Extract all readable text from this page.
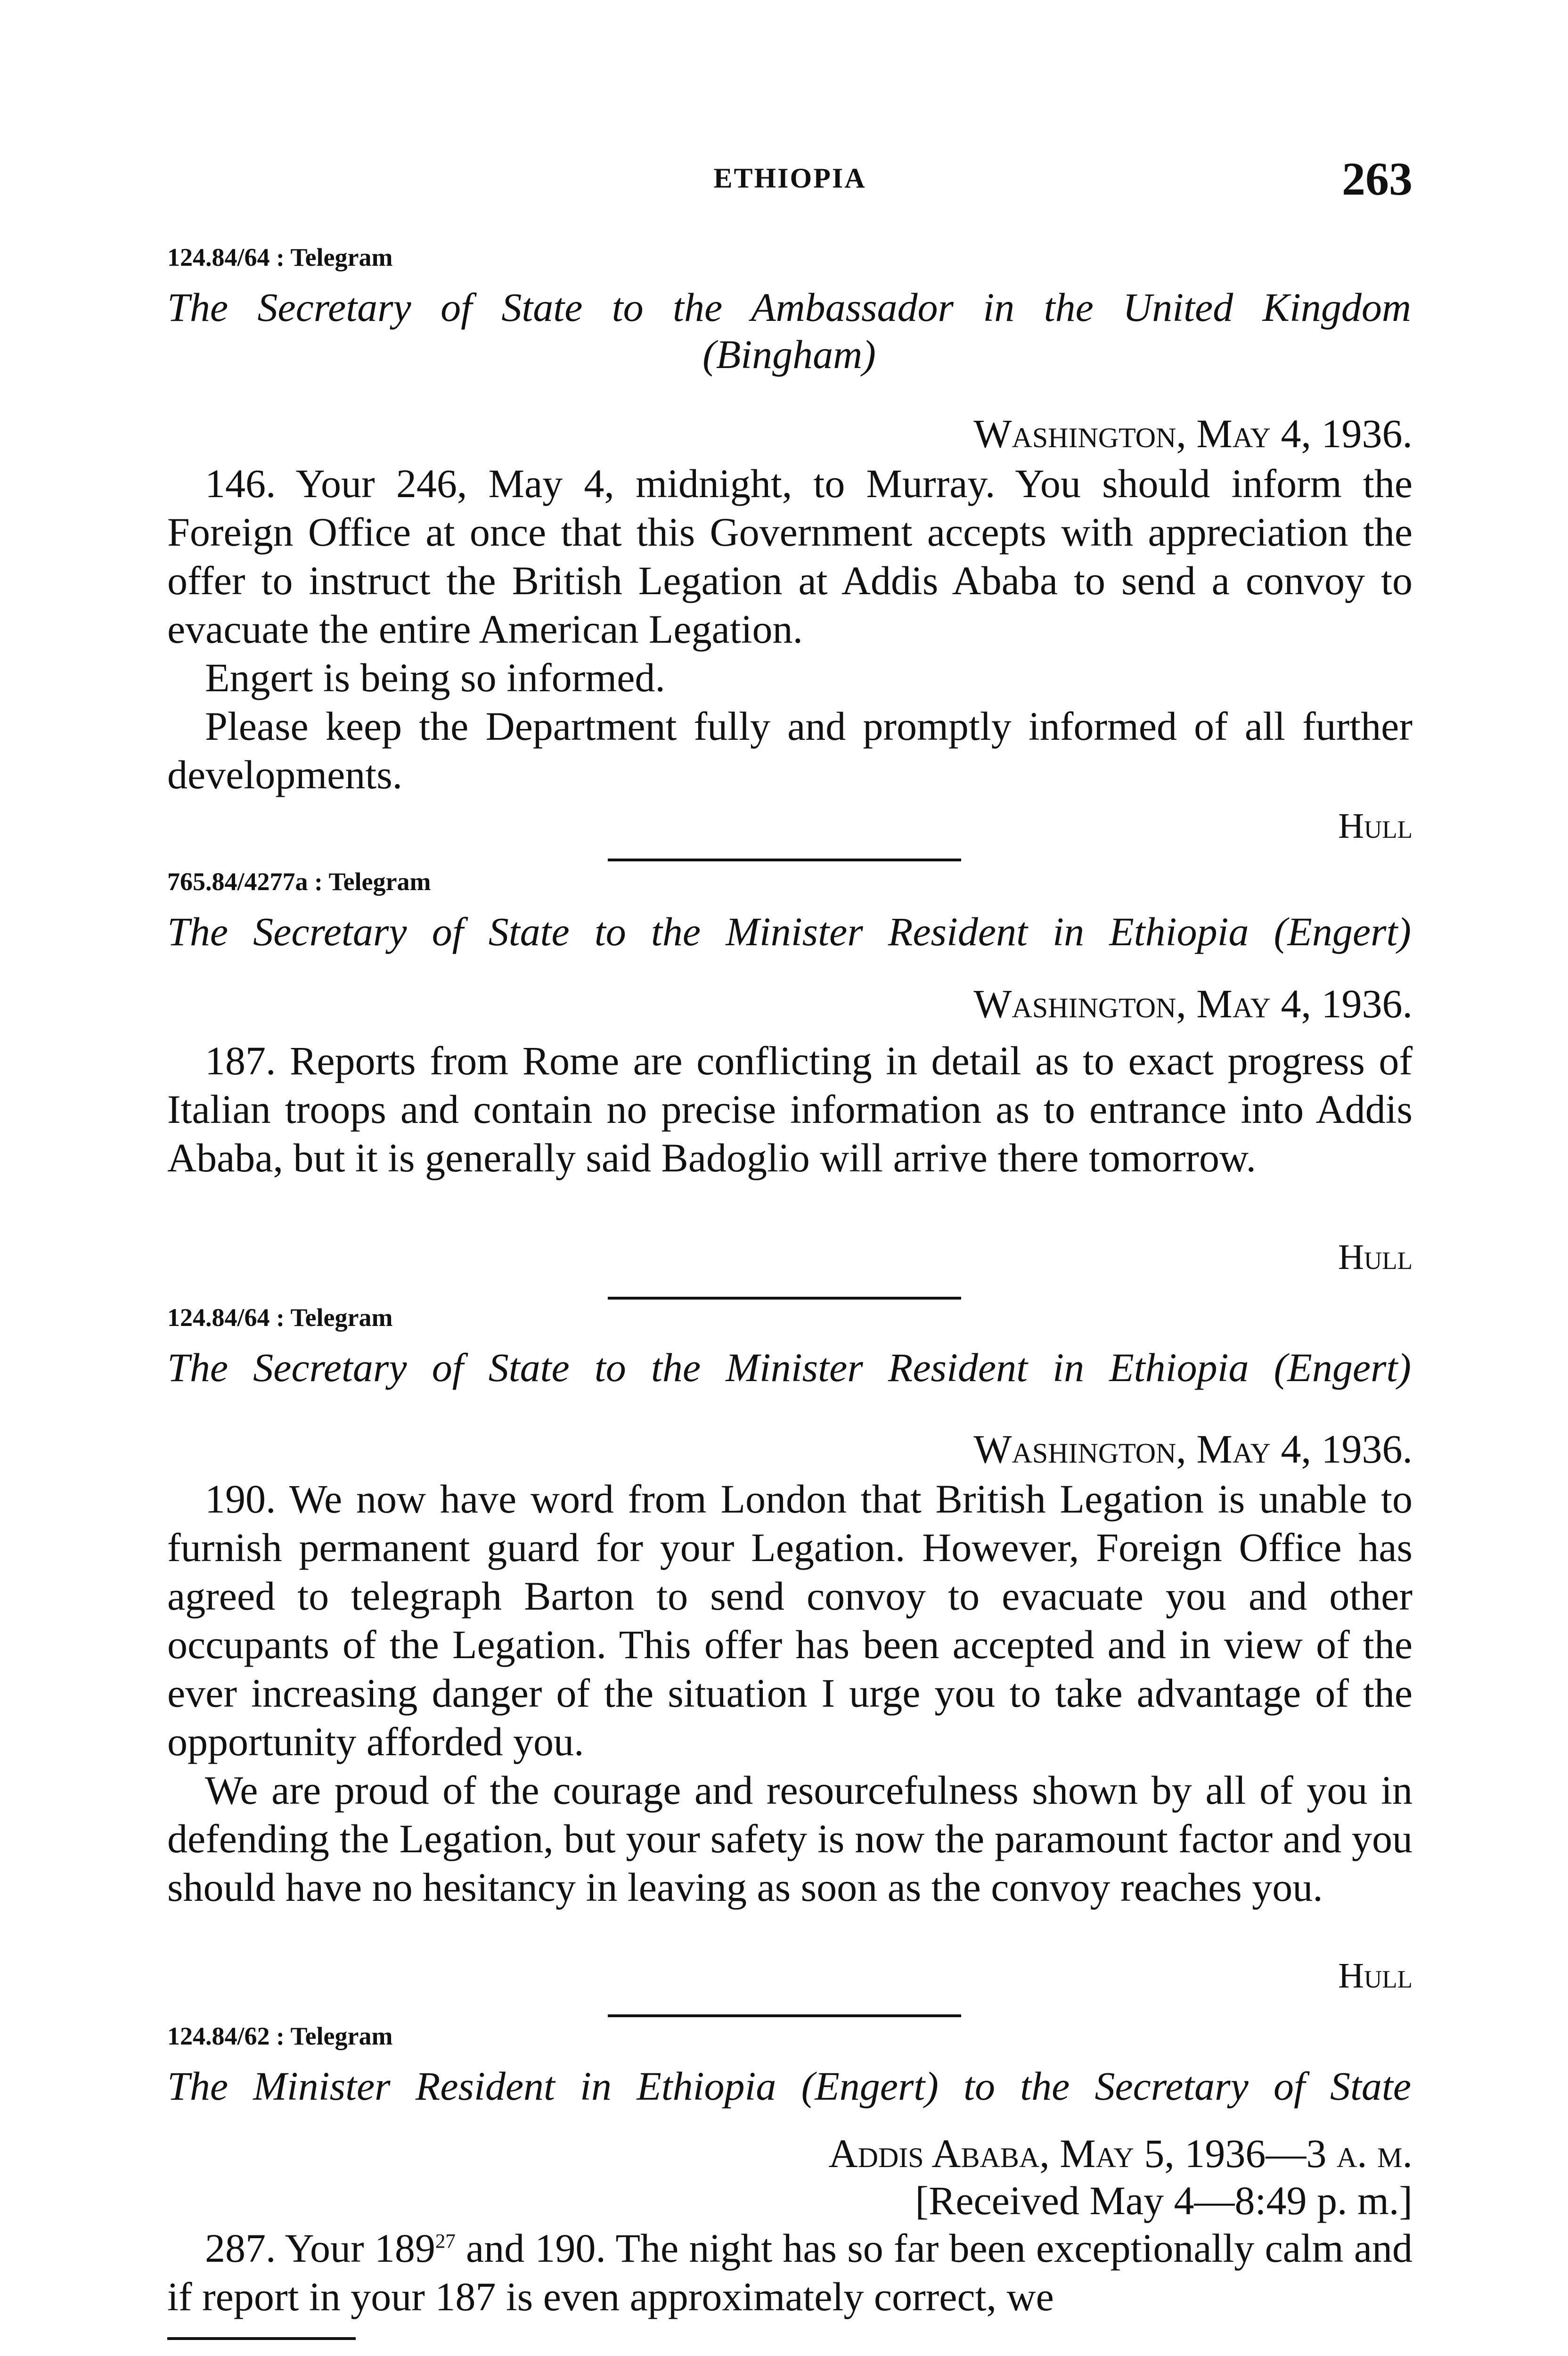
ETHIOPIA	263
124.84/64 : Telegram
The Secretary of State to the Ambassador in the United Kingdom
(Bingham)
Washington, May 4, 1936.

146. Your 246, May 4, midnight, to Murray. You should inform the Foreign Office at once that this Government accepts with appreciation the offer to instruct the British Legation at Addis Ababa to send a convoy to evacuate the entire American Legation.

Engert is being so informed.

Please keep the Department fully and promptly informed of all further developments.

Hull
765.84/4277a : Telegram
The Secretary of State to the Minister Resident in Ethiopia (Engert)
Washington, May 4, 1936.

187. Reports from Rome are conflicting in detail as to exact progress of Italian troops and contain no precise information as to entrance into Addis Ababa, but it is generally said Badoglio will arrive there tomorrow.

Hull
124.84/64 : Telegram
The Secretary of State to the Minister Resident in Ethiopia (Engert)
Washington, May 4, 1936.

190. We now have word from London that British Legation is unable to furnish permanent guard for your Legation. However, Foreign Office has agreed to telegraph Barton to send convoy to evacuate you and other occupants of the Legation. This offer has been accepted and in view of the ever increasing danger of the situation I urge you to take advantage of the opportunity afforded you.

We are proud of the courage and resourcefulness shown by all of you in defending the Legation, but your safety is now the paramount factor and you should have no hesitancy in leaving as soon as the convoy reaches you.

Hull
124.84/62 : Telegram
The Minister Resident in Ethiopia (Engert) to the Secretary of State
Addis Ababa, May 5, 1936—3 a. m.
[Received May 4—8:49 p. m.]

287. Your $189^{27}$ and 190. The night has so far been exceptionally calm and if report in your 187 is even approximately correct, we
